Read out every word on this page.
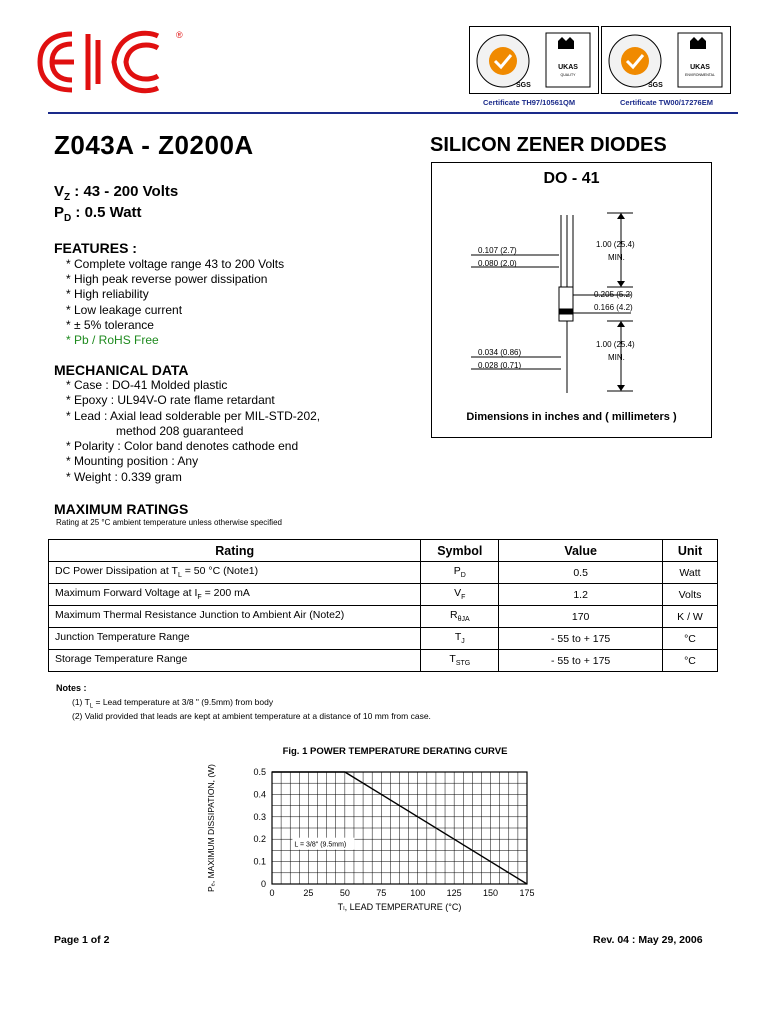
®
SGS
UKAS
QUALITY
SGS
UKAS
ENVIRONMENTAL
Certificate TH97/10561QM	Certificate TW00/17276EM
Z043A - Z0200A	SILICON ZENER DIODES
$V_Z$ : 43 - 200 Volts
$P_D$ : 0.5 Watt
FEATURES :
* Complete voltage range 43 to 200 Volts
* High peak reverse power dissipation
* High reliability
* Low leakage current
* ± 5% tolerance
* Pb / RoHS Free
MECHANICAL DATA
* Case : DO-41 Molded plastic
* Epoxy : UL94V-O rate flame retardant
* Lead : Axial lead solderable per MIL-STD-202,
method 208 guaranteed
* Polarity : Color band denotes cathode end
* Mounting position : Any
* Weight : 0.339 gram
DO - 41
0.107 (2.7)
0.080 (2.0)
1.00 (25.4)
MIN.
0.205 (5.2)
0.166 (4.2)
0.034 (0.86)
0.028 (0.71)
1.00 (25.4)
MIN.
Dimensions in inches and ( millimeters )
MAXIMUM RATINGS
Rating at 25 °C ambient temperature unless otherwise specified
Rating	Symbol	Value	Unit
DC Power Dissipation at $T_L = 50$ °C (Note1)	$P_D$	0.5	Watt
Maximum Forward Voltage at $I_F = 200$ mA	$V_F$	1.2	Volts
Maximum Thermal Resistance Junction to Ambient Air (Note2)	$R_{\theta JA}$	170	K / W
Junction Temperature Range	$T_J$	- 55 to + 175	°C
Storage Temperature Range	$T_{STG}$	- 55 to + 175	°C
Notes :
(1) $T_L$ = Lead temperature at 3/8 " (9.5mm) from body
(2) Valid provided that leads are kept at ambient temperature at a distance of 10 mm from case.
Fig. 1 POWER TEMPERATURE DERATING CURVE
0	25	50	75	100 125 150 175
0
0.1
0.2
0.3
0.4
0.5
L = 3/8" (9.5mm)
Tₗ, LEAD TEMPERATURE (°C)
Pₑ, MAXIMUM DISSIPATION, (W)
Page 1 of 2	Rev. 04 : May 29, 2006
